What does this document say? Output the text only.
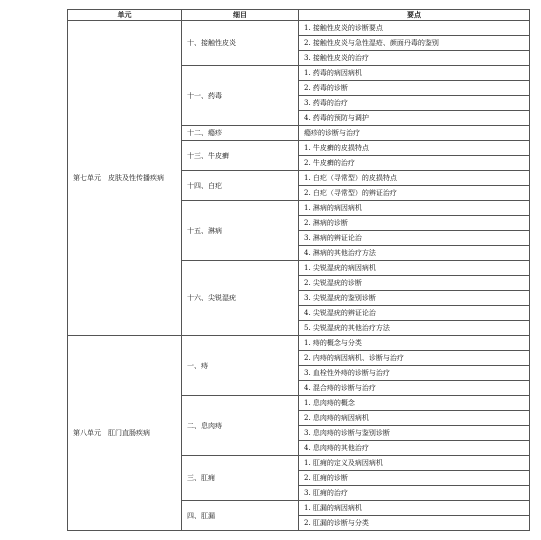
单元	细目	要点
第七单元　皮肤及性传播疾病	十、接触性皮炎	1. 接触性皮炎的诊断要点
		2. 接触性皮炎与急性湿疮、颜面丹毒的鉴别
		3. 接触性皮炎的治疗
	十一、药毒	1. 药毒的病因病机
		2. 药毒的诊断
		3. 药毒的治疗
		4. 药毒的预防与调护
	十二、瘾疹	瘾疹的诊断与治疗
	十三、牛皮癣	1. 牛皮癣的皮损特点
		2. 牛皮癣的治疗
	十四、白疕	1. 白疕（寻常型）的皮损特点
		2. 白疕（寻常型）的辨证治疗
	十五、淋病	1. 淋病的病因病机
		2. 淋病的诊断
		3. 淋病的辨证论治
		4. 淋病的其他治疗方法
	十六、尖锐湿疣	1. 尖锐湿疣的病因病机
		2. 尖锐湿疣的诊断
		3. 尖锐湿疣的鉴别诊断
		4. 尖锐湿疣的辨证论治
		5. 尖锐湿疣的其他治疗方法
第八单元　肛门直肠疾病	一、痔	1. 痔的概念与分类
		2. 内痔的病因病机、诊断与治疗
		3. 血栓性外痔的诊断与治疗
		4. 混合痔的诊断与治疗
	二、息肉痔	1. 息肉痔的概念
		2. 息肉痔的病因病机
		3. 息肉痔的诊断与鉴别诊断
		4. 息肉痔的其他治疗
	三、肛痈	1. 肛痈的定义及病因病机
		2. 肛痈的诊断
		3. 肛痈的治疗
	四、肛漏	1. 肛漏的病因病机
		2. 肛漏的诊断与分类
